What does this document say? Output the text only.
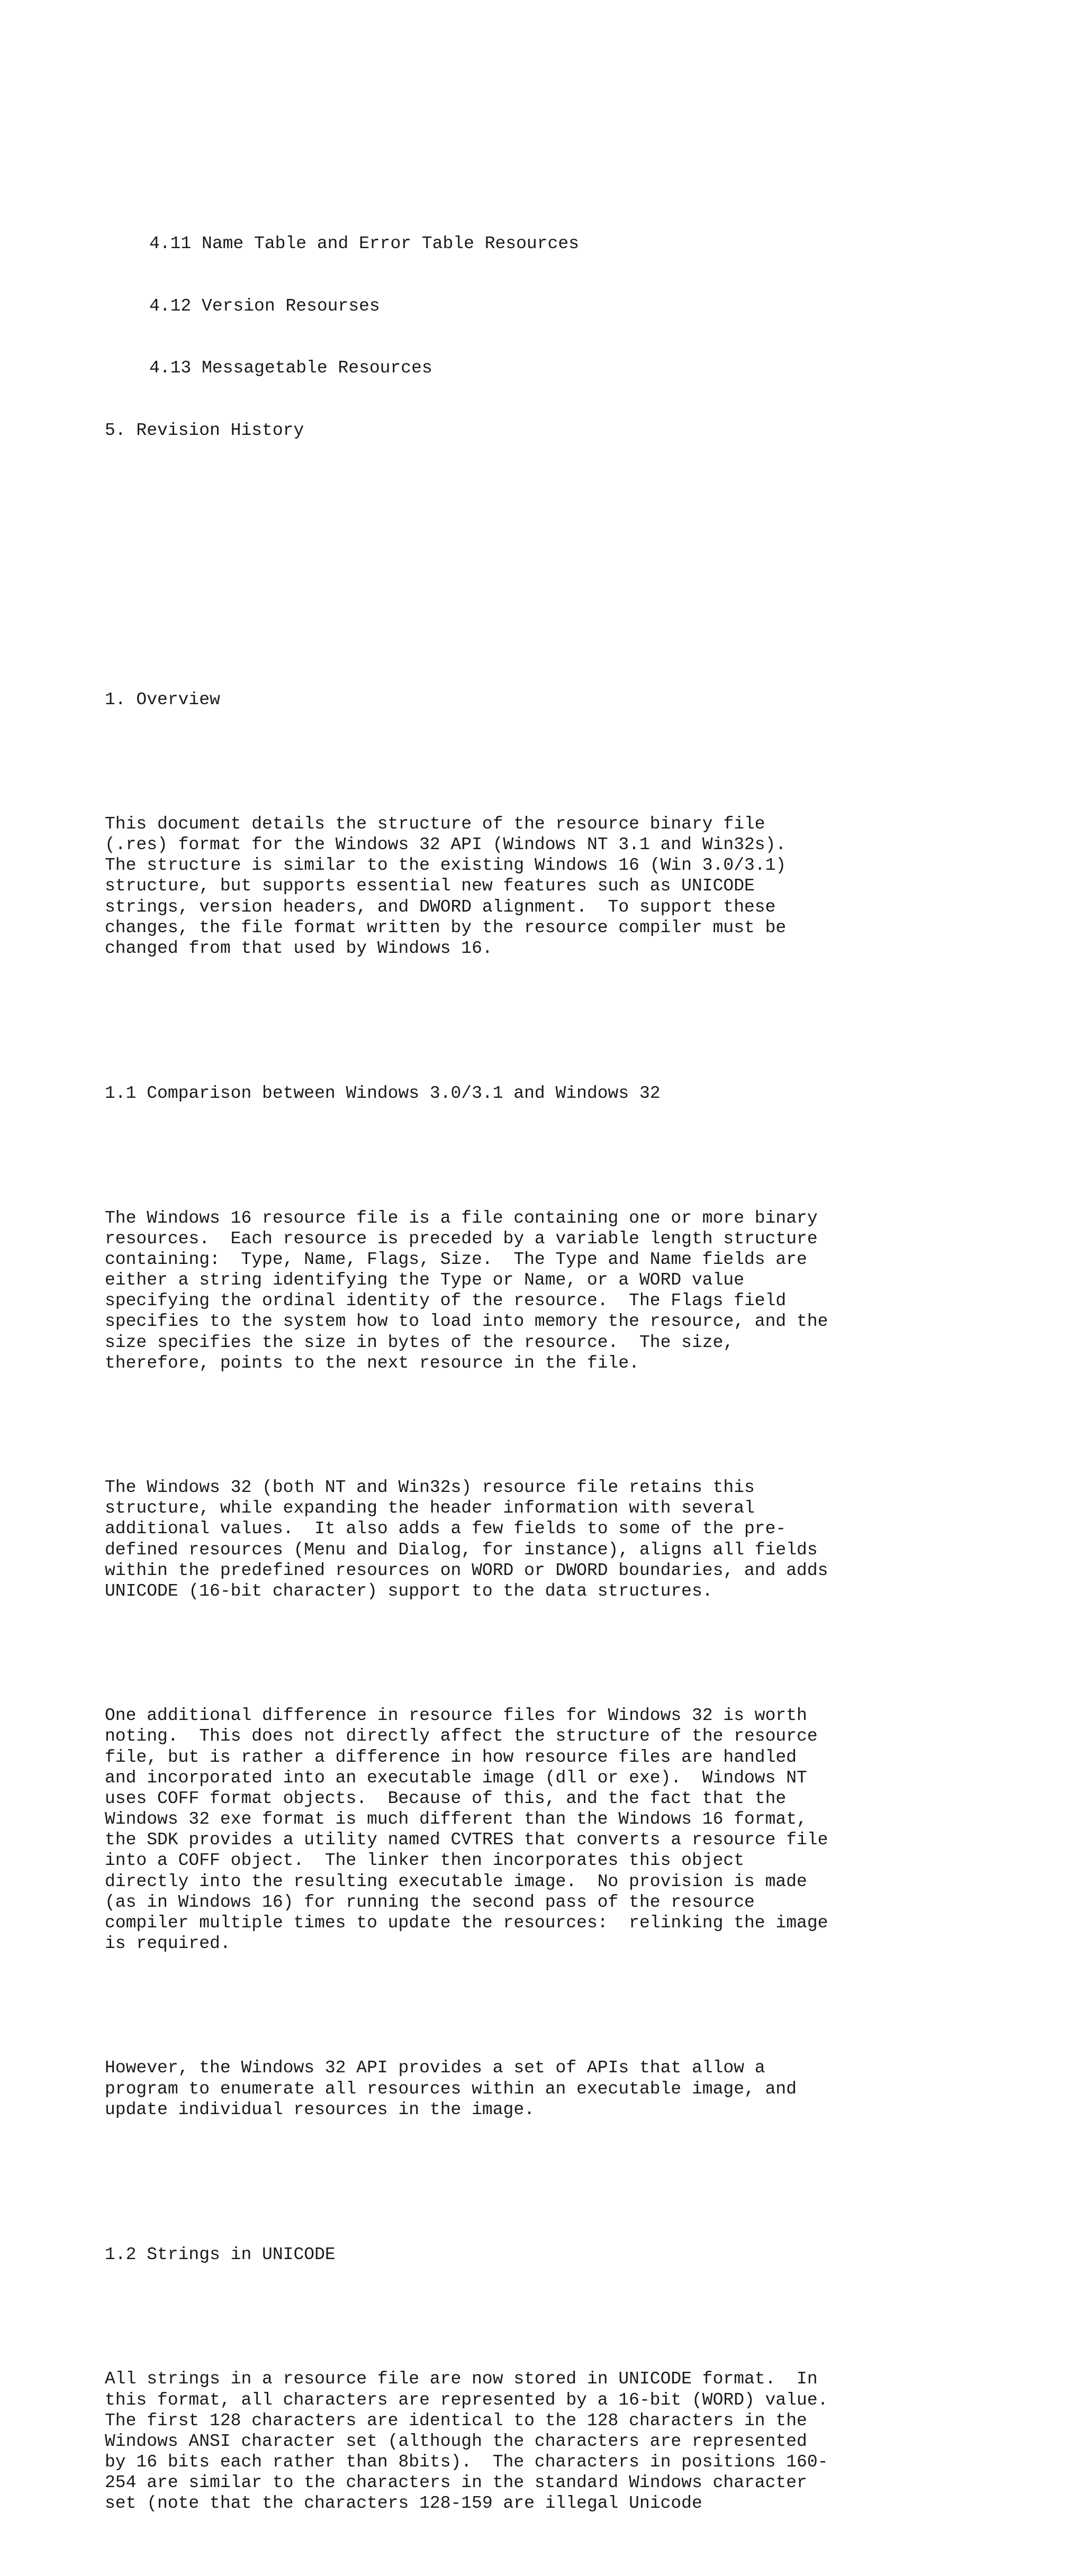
4.11 Name Table and Error Table Resources

4.12 Version Resourses

4.13 Messagetable Resources

5. Revision History

1. Overview

This document details the structure of the resource binary file
(.res) format for the Windows 32 API (Windows NT 3.1 and Win32s).
The structure is similar to the existing Windows 16 (Win 3.0/3.1)
structure, but supports essential new features such as UNICODE
strings, version headers, and DWORD alignment.  To support these
changes, the file format written by the resource compiler must be
changed from that used by Windows 16.

1.1 Comparison between Windows 3.0/3.1 and Windows 32

The Windows 16 resource file is a file containing one or more binary
resources.  Each resource is preceded by a variable length structure
containing:  Type, Name, Flags, Size.  The Type and Name fields are
either a string identifying the Type or Name, or a WORD value
specifying the ordinal identity of the resource.  The Flags field
specifies to the system how to load into memory the resource, and the
size specifies the size in bytes of the resource.  The size,
therefore, points to the next resource in the file.

The Windows 32 (both NT and Win32s) resource file retains this
structure, while expanding the header information with several
additional values.  It also adds a few fields to some of the pre-
defined resources (Menu and Dialog, for instance), aligns all fields
within the predefined resources on WORD or DWORD boundaries, and adds
UNICODE (16-bit character) support to the data structures.

One additional difference in resource files for Windows 32 is worth
noting.  This does not directly affect the structure of the resource
file, but is rather a difference in how resource files are handled
and incorporated into an executable image (dll or exe).  Windows NT
uses COFF format objects.  Because of this, and the fact that the
Windows 32 exe format is much different than the Windows 16 format,
the SDK provides a utility named CVTRES that converts a resource file
into a COFF object.  The linker then incorporates this object
directly into the resulting executable image.  No provision is made
(as in Windows 16) for running the second pass of the resource
compiler multiple times to update the resources:  relinking the image
is required.

However, the Windows 32 API provides a set of APIs that allow a
program to enumerate all resources within an executable image, and
update individual resources in the image.

1.2 Strings in UNICODE

All strings in a resource file are now stored in UNICODE format.  In
this format, all characters are represented by a 16-bit (WORD) value.
The first 128 characters are identical to the 128 characters in the
Windows ANSI character set (although the characters are represented
by 16 bits each rather than 8bits).  The characters in positions 160-
254 are similar to the characters in the standard Windows character
set (note that the characters 128-159 are illegal Unicode
